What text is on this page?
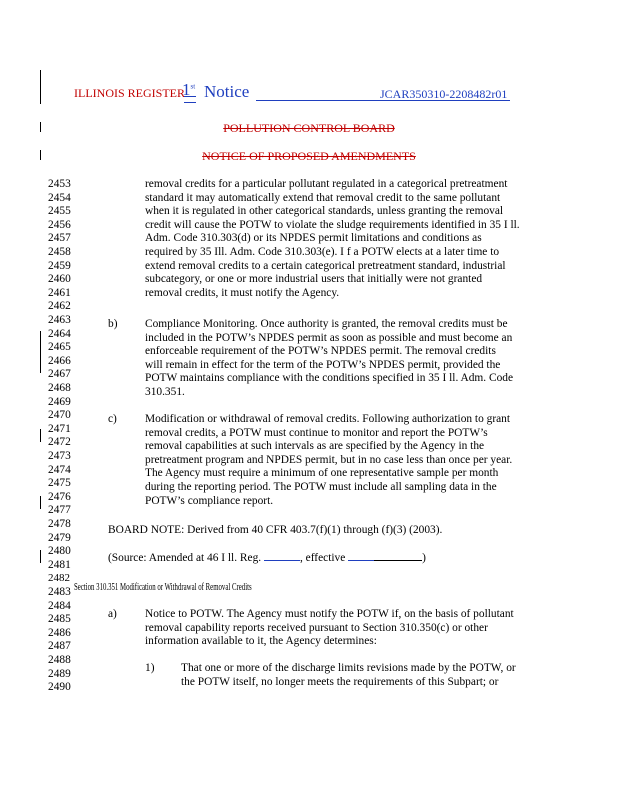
ILLINOIS REGISTER
1st Notice	JCAR350310-2208482r01
POLLUTION CONTROL BOARD
NOTICE OF PROPOSED AMENDMENTS
2453
2454
2455
2456
2457
2458
2459
2460
2461
2462
2463
2464
2465
2466
2467
2468
2469
2470
2471
2472
2473
2474
2475
2476
2477
2478
2479
2480
2481
2482
2483
2484
2485
2486
2487
2488
2489
2490
removal credits for a particular pollutant regulated in a categorical pretreatment
standard it may automatically extend that removal credit to the same pollutant
when it is regulated in other categorical standards, unless granting the removal
credit will cause the POTW to violate the sludge requirements identified in 35 I ll.
Adm. Code 310.303(d) or its NPDES permit limitations and conditions as
required by 35 Ill. Adm. Code 310.303(e). I f a POTW elects at a later time to
extend removal credits to a certain categorical pretreatment standard, industrial
subcategory, or one or more industrial users that initially were not granted
removal credits, it must notify the Agency.
b) Compliance Monitoring. Once authority is granted, the removal credits must be
included in the POTW’s NPDES permit as soon as possible and must become an
enforceable requirement of the POTW’s NPDES permit. The removal credits
will remain in effect for the term of the POTW’s NPDES permit, provided the
POTW maintains compliance with the conditions specified in 35 I ll. Adm. Code
310.351.
c) Modification or withdrawal of removal credits. Following authorization to grant
removal credits, a POTW must continue to monitor and report the POTW’s
removal capabilities at such intervals as are specified by the Agency in the
pretreatment program and NPDES permit, but in no case less than once per year.
The Agency must require a minimum of one representative sample per month
during the reporting period. The POTW must include all sampling data in the
POTW’s compliance report.
BOARD NOTE: Derived from 40 CFR 403.7(f)(1) through (f)(3) (2003).
(Source: Amended at 46 I ll. Reg.	, effective	)
Section 310.351 Modification or Withdrawal of Removal Credits
a) Notice to POTW. The Agency must notify the POTW if, on the basis of pollutant
removal capability reports received pursuant to Section 310.350(c) or other
information available to it, the Agency determines:
1) That one or more of the discharge limits revisions made by the POTW, or
the POTW itself, no longer meets the requirements of this Subpart; or
